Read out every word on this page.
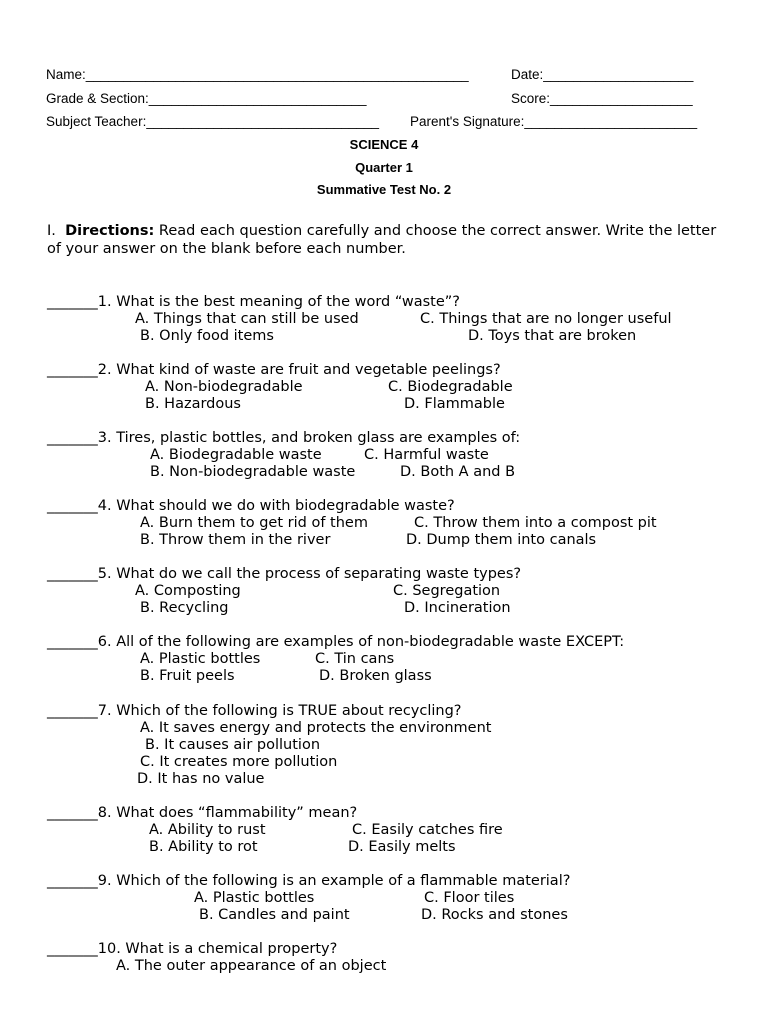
Name:___________________________________________________	Date:____________________
Grade & Section:_____________________________	Score:___________________
Subject Teacher:_______________________________ Parent's Signature:_______________________
SCIENCE 4
Quarter 1
Summative Test No. 2
I. Directions: Read each question carefully and choose the correct answer. Write the letter of your answer on the blank before each number.
_______1. What is the best meaning of the word “waste”?
A. Things that can still be used	C. Things that are no longer useful
B. Only food items	D. Toys that are broken
_______2. What kind of waste are fruit and vegetable peelings?
A. Non-biodegradable	C. Biodegradable
B. Hazardous	D. Flammable
_______3. Tires, plastic bottles, and broken glass are examples of:
A. Biodegradable waste	C. Harmful waste
B. Non-biodegradable waste	D. Both A and B
_______4. What should we do with biodegradable waste?
A. Burn them to get rid of them	C. Throw them into a compost pit
B. Throw them in the river	D. Dump them into canals
_______5. What do we call the process of separating waste types?
A. Composting	C. Segregation
B. Recycling	D. Incineration
_______6. All of the following are examples of non-biodegradable waste EXCEPT:
A. Plastic bottles	C. Tin cans
B. Fruit peels	D. Broken glass
_______7. Which of the following is TRUE about recycling?
A. It saves energy and protects the environment
B. It causes air pollution
C. It creates more pollution
D. It has no value
_______8. What does “flammability” mean?
A. Ability to rust	C. Easily catches fire
B. Ability to rot	D. Easily melts
_______9. Which of the following is an example of a flammable material?
A. Plastic bottles	C. Floor tiles
B. Candles and paint	D. Rocks and stones
_______10. What is a chemical property?
A. The outer appearance of an object
